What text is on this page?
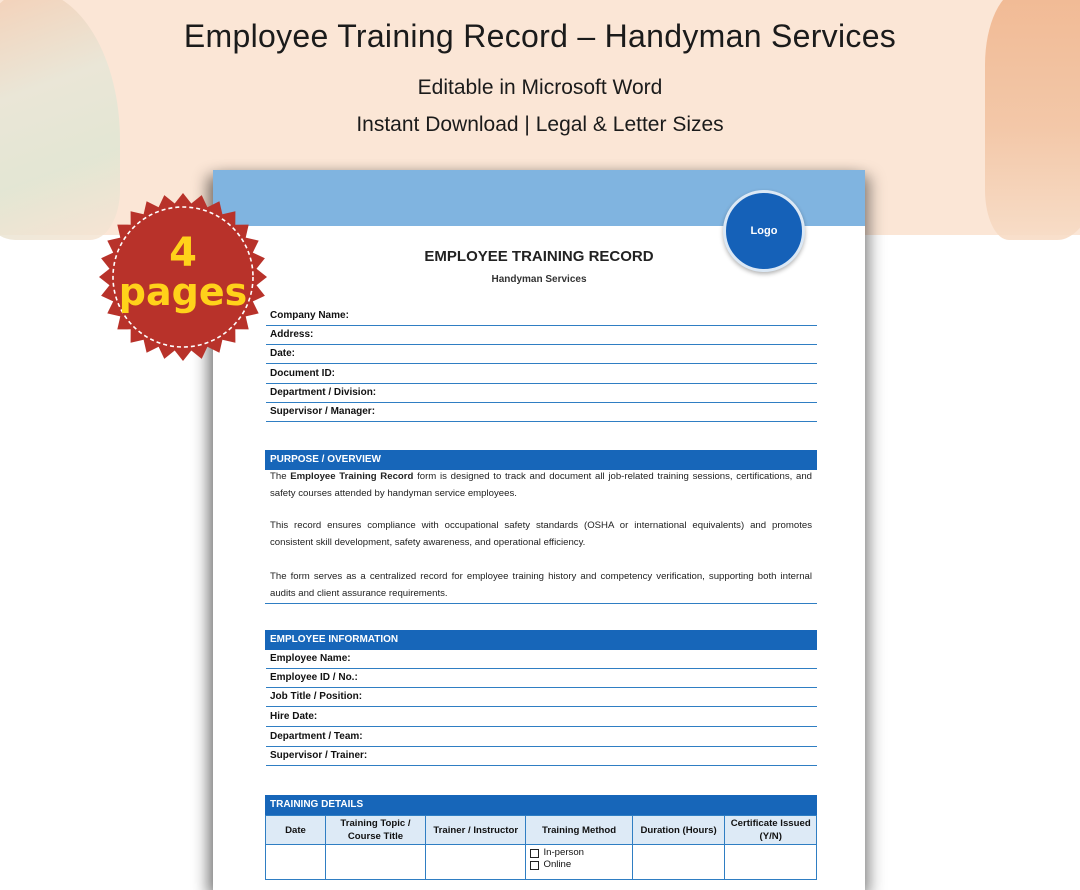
Employee Training Record – Handyman Services
Editable in Microsoft Word
Instant Download | Legal & Letter Sizes
Logo
EMPLOYEE TRAINING RECORD
Handyman Services
Company Name:
Address:
Date:
Document ID:
Department / Division:
Supervisor / Manager:
PURPOSE / OVERVIEW
The Employee Training Record form is designed to track and document all job-related training sessions, certifications, and safety courses attended by handyman service employees.
This record ensures compliance with occupational safety standards (OSHA or international equivalents) and promotes consistent skill development, safety awareness, and operational efficiency.
The form serves as a centralized record for employee training history and competency verification, supporting both internal audits and client assurance requirements.
EMPLOYEE INFORMATION
Employee Name:
Employee ID / No.:
Job Title / Position:
Hire Date:
Department / Team:
Supervisor / Trainer:
TRAINING DETAILS
Date	Training Topic / Course Title	Trainer / Instructor	Training Method	Duration (Hours)	Certificate Issued (Y/N)

			In-person
Online		

4
pages
